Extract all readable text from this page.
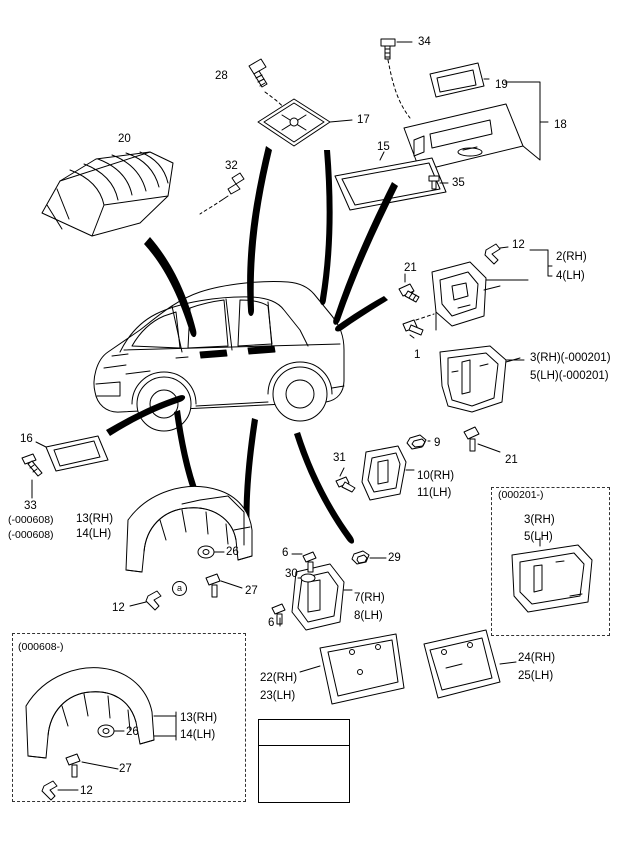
20
32
28
17
34
19
18
15
35
12
2(RH)
4(LH)
21
1	3(RH)(-000201)
5(LH)(-000201)
21
9
31
10(RH)
11(LH)
16
33
(-000608) 13(RH)
(-000608) 14(LH)
26
27
12
6
30
29
7(RH)
8(LH)
6
(000201-)
3(RH)
5(LH)
24(RH)
25(LH)
22(RH)
23(LH)
(000608-)
13(RH)
14(LH)
26
27
12
a
